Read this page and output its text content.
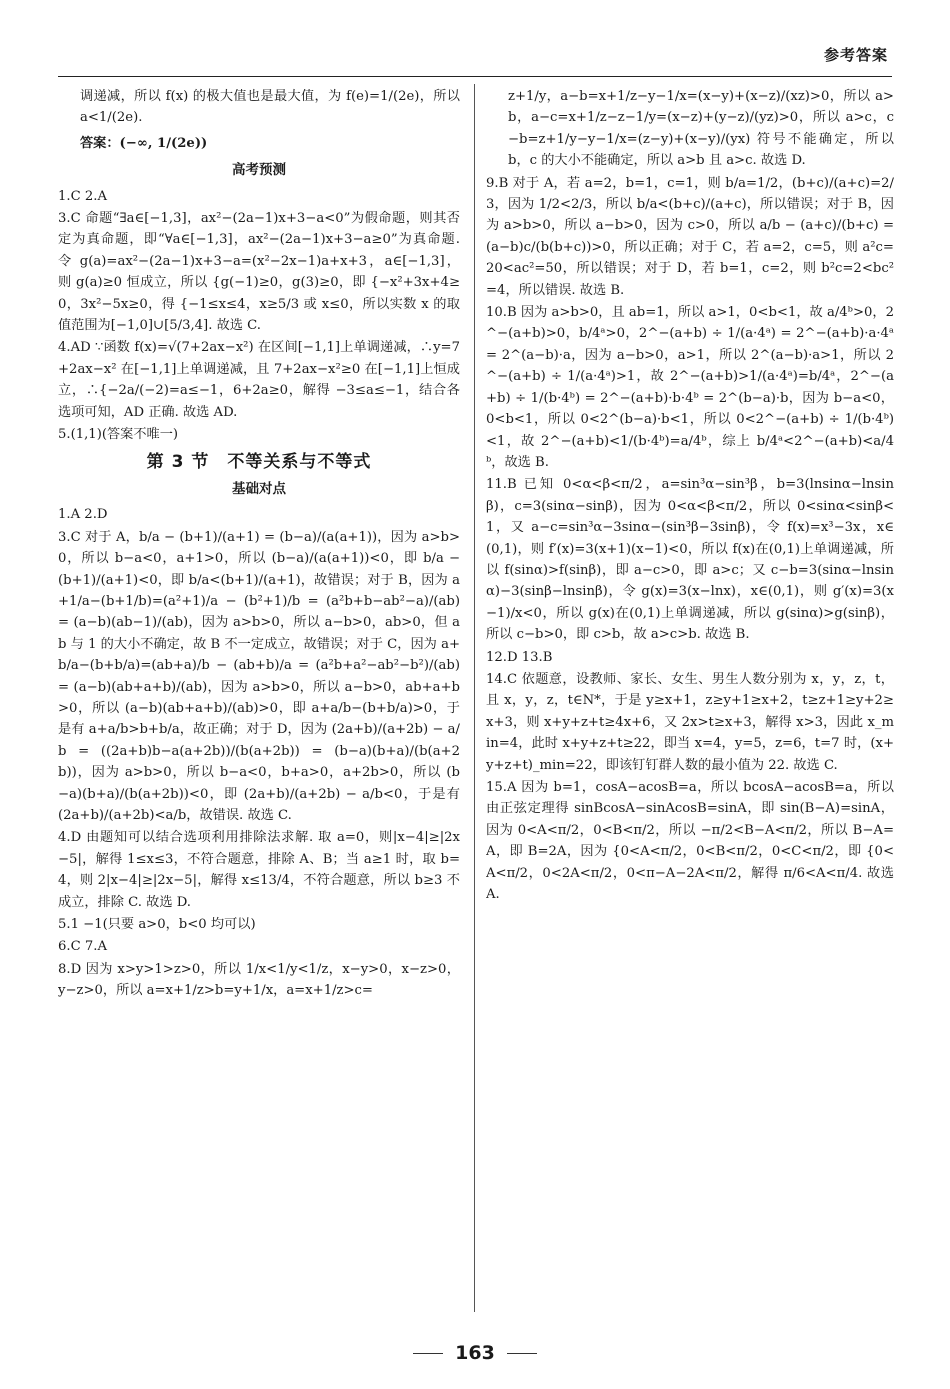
参考答案

调递减，所以 f(x) 的极大值也是最大值，为 f(e)=1/(2e)，所以 a<1/(2e).

答案：(−∞, 1/(2e))

高考预测

1.C 2.A

3.C 命题“∃a∈[−1,3]，ax²−(2a−1)x+3−a<0”为假命题，则其否定为真命题，即“∀a∈[−1,3]，ax²−(2a−1)x+3−a≥0”为真命题. 令 g(a)=ax²−(2a−1)x+3−a=(x²−2x−1)a+x+3，a∈[−1,3]，则 g(a)≥0 恒成立，所以 {g(−1)≥0，g(3)≥0，即 {−x²+3x+4≥0，3x²−5x≥0，得 {−1≤x≤4，x≥5/3 或 x≤0，所以实数 x 的取值范围为[−1,0]∪[5/3,4]. 故选 C.

4.AD ∵函数 f(x)=√(7+2ax−x²) 在区间[−1,1]上单调递减，∴y=7+2ax−x² 在[−1,1]上单调递减，且 7+2ax−x²≥0 在[−1,1]上恒成立，∴{−2a/(−2)=a≤−1，6+2a≥0，解得 −3≤a≤−1，结合各选项可知，AD 正确. 故选 AD.

5.(1,1)(答案不唯一)

第 3 节　不等关系与不等式
基础对点

1.A 2.D

3.C 对于 A，b/a − (b+1)/(a+1) = (b−a)/(a(a+1))，因为 a>b>0，所以 b−a<0，a+1>0，所以 (b−a)/(a(a+1))<0，即 b/a − (b+1)/(a+1)<0，即 b/a<(b+1)/(a+1)，故错误；对于 B，因为 a+1/a−(b+1/b)=(a²+1)/a − (b²+1)/b = (a²b+b−ab²−a)/(ab) = (a−b)(ab−1)/(ab)，因为 a>b>0，所以 a−b>0，ab>0，但 ab 与 1 的大小不确定，故 B 不一定成立，故错误；对于 C，因为 a+b/a−(b+b/a)=(ab+a)/b − (ab+b)/a = (a²b+a²−ab²−b²)/(ab) = (a−b)(ab+a+b)/(ab)，因为 a>b>0，所以 a−b>0，ab+a+b>0，所以 (a−b)(ab+a+b)/(ab)>0，即 a+a/b−(b+b/a)>0，于是有 a+a/b>b+b/a，故正确；对于 D，因为 (2a+b)/(a+2b) − a/b = ((2a+b)b−a(a+2b))/(b(a+2b)) = (b−a)(b+a)/(b(a+2b))，因为 a>b>0，所以 b−a<0，b+a>0，a+2b>0，所以 (b−a)(b+a)/(b(a+2b))<0，即 (2a+b)/(a+2b) − a/b<0，于是有 (2a+b)/(a+2b)<a/b，故错误. 故选 C.

4.D 由题知可以结合选项利用排除法求解. 取 a=0，则|x−4|≥|2x−5|，解得 1≤x≤3，不符合题意，排除 A、B；当 a≥1 时，取 b=4，则 2|x−4|≥|2x−5|，解得 x≤13/4，不符合题意，所以 b≥3 不成立，排除 C. 故选 D.

5.1 −1(只要 a>0，b<0 均可以)

6.C 7.A

8.D 因为 x>y>1>z>0，所以 1/x<1/y<1/z，x−y>0，x−z>0，y−z>0，所以 a=x+1/z>b=y+1/x，a=x+1/z>c=

z+1/y，a−b=x+1/z−y−1/x=(x−y)+(x−z)/(xz)>0，所以 a>b，a−c=x+1/z−z−1/y=(x−z)+(y−z)/(yz)>0，所以 a>c，c−b=z+1/y−y−1/x=(z−y)+(x−y)/(yx) 符号不能确定，所以 b，c 的大小不能确定，所以 a>b 且 a>c. 故选 D.

9.B 对于 A，若 a=2，b=1，c=1，则 b/a=1/2，(b+c)/(a+c)=2/3，因为 1/2<2/3，所以 b/a<(b+c)/(a+c)，所以错误；对于 B，因为 a>b>0，所以 a−b>0，因为 c>0，所以 a/b − (a+c)/(b+c) = (a−b)c/(b(b+c))>0，所以正确；对于 C，若 a=2，c=5，则 a²c=20<ac²=50，所以错误；对于 D，若 b=1，c=2，则 b²c=2<bc²=4，所以错误. 故选 B.

10.B 因为 a>b>0，且 ab=1，所以 a>1，0<b<1，故 a/4ᵇ>0，2^−(a+b)>0，b/4ᵃ>0，2^−(a+b) ÷ 1/(a·4ᵃ) = 2^−(a+b)·a·4ᵃ = 2^(a−b)·a，因为 a−b>0，a>1，所以 2^(a−b)·a>1，所以 2^−(a+b) ÷ 1/(a·4ᵃ)>1，故 2^−(a+b)>1/(a·4ᵃ)=b/4ᵃ，2^−(a+b) ÷ 1/(b·4ᵇ) = 2^−(a+b)·b·4ᵇ = 2^(b−a)·b，因为 b−a<0，0<b<1，所以 0<2^(b−a)·b<1，所以 0<2^−(a+b) ÷ 1/(b·4ᵇ)<1，故 2^−(a+b)<1/(b·4ᵇ)=a/4ᵇ，综上 b/4ᵃ<2^−(a+b)<a/4ᵇ，故选 B.

11.B 已知 0<α<β<π/2，a=sin³α−sin³β，b=3(lnsinα−lnsinβ)，c=3(sinα−sinβ)，因为 0<α<β<π/2，所以 0<sinα<sinβ<1，又 a−c=sin³α−3sinα−(sin³β−3sinβ)，令 f(x)=x³−3x，x∈(0,1)，则 f′(x)=3(x+1)(x−1)<0，所以 f(x)在(0,1)上单调递减，所以 f(sinα)>f(sinβ)，即 a−c>0，即 a>c；又 c−b=3(sinα−lnsinα)−3(sinβ−lnsinβ)，令 g(x)=3(x−lnx)，x∈(0,1)，则 g′(x)=3(x−1)/x<0，所以 g(x)在(0,1)上单调递减，所以 g(sinα)>g(sinβ)，所以 c−b>0，即 c>b，故 a>c>b. 故选 B.

12.D 13.B

14.C 依题意，设教师、家长、女生、男生人数分别为 x，y，z，t，且 x，y，z，t∈N*，于是 y≥x+1，z≥y+1≥x+2，t≥z+1≥y+2≥x+3，则 x+y+z+t≥4x+6，又 2x>t≥x+3，解得 x>3，因此 x_min=4，此时 x+y+z+t≥22，即当 x=4，y=5，z=6，t=7 时，(x+y+z+t)_min=22，即该钉钉群人数的最小值为 22. 故选 C.

15.A 因为 b=1，cosA−acosB=a，所以 bcosA−acosB=a，所以由正弦定理得 sinBcosA−sinAcosB=sinA，即 sin(B−A)=sinA，因为 0<A<π/2，0<B<π/2，所以 −π/2<B−A<π/2，所以 B−A=A，即 B=2A，因为 {0<A<π/2，0<B<π/2，0<C<π/2，即 {0<A<π/2，0<2A<π/2，0<π−A−2A<π/2，解得 π/6<A<π/4. 故选 A.

163
